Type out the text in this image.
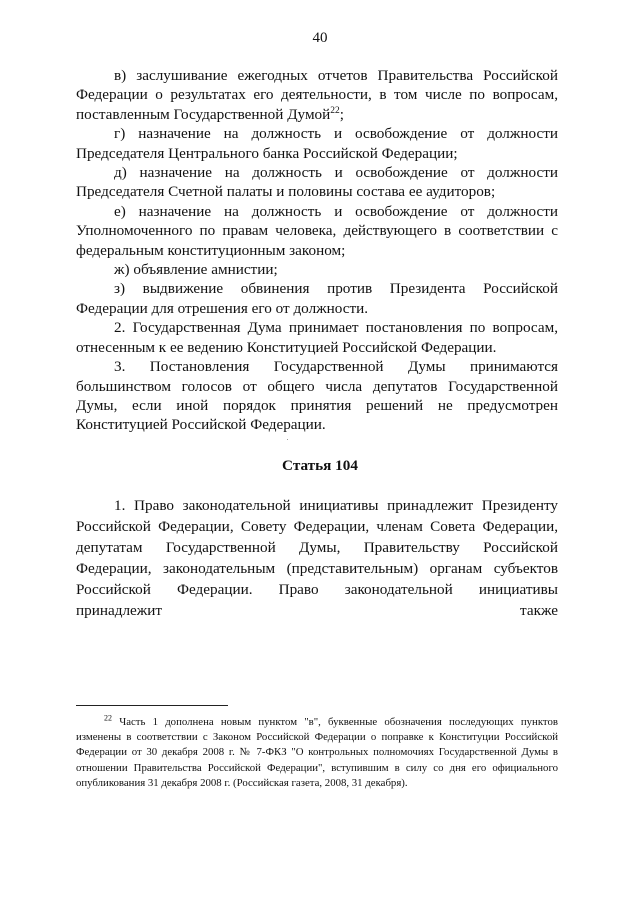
40

в) заслушивание ежегодных отчетов Правительства Российской Федерации о результатах его деятельности, в том числе по вопросам, поставленным Государственной Думой$^{22}$;

г) назначение на должность и освобождение от должности Председателя Центрального банка Российской Федерации;

д) назначение на должность и освобождение от должности Председателя Счетной палаты и половины состава ее аудиторов;

е) назначение на должность и освобождение от должности Уполномоченного по правам человека, действующего в соответствии с федеральным конституционным законом;

ж) объявление амнистии;

з) выдвижение обвинения против Президента Российской Федерации для отрешения его от должности.

2. Государственная Дума принимает постановления по вопросам, отнесенным к ее ведению Конституцией Российской Федерации.

3. Постановления Государственной Думы принимаются большинством голосов от общего числа депутатов Государственной Думы, если иной порядок принятия решений не предусмотрен Конституцией Российской Федерации.

Статья 104

1. Право законодательной инициативы принадлежит Президенту Российской Федерации, Совету Федерации, членам Совета Федерации, депутатам Государственной Думы, Правительству Российской Федерации, законодательным (представительным) органам субъектов Российской Федерации. Право законодательной инициативы принадлежит также

$^{22}$ Часть 1 дополнена новым пунктом "в", буквенные обозначения последующих пунктов изменены в соответствии с Законом Российской Федерации о поправке к Конституции Российской Федерации от 30 декабря 2008 г. № 7-ФКЗ "О контрольных полномочиях Государственной Думы в отношении Правительства Российской Федерации", вступившим в силу со дня его официального опубликования 31 декабря 2008 г. (Российская газета, 2008, 31 декабря).
